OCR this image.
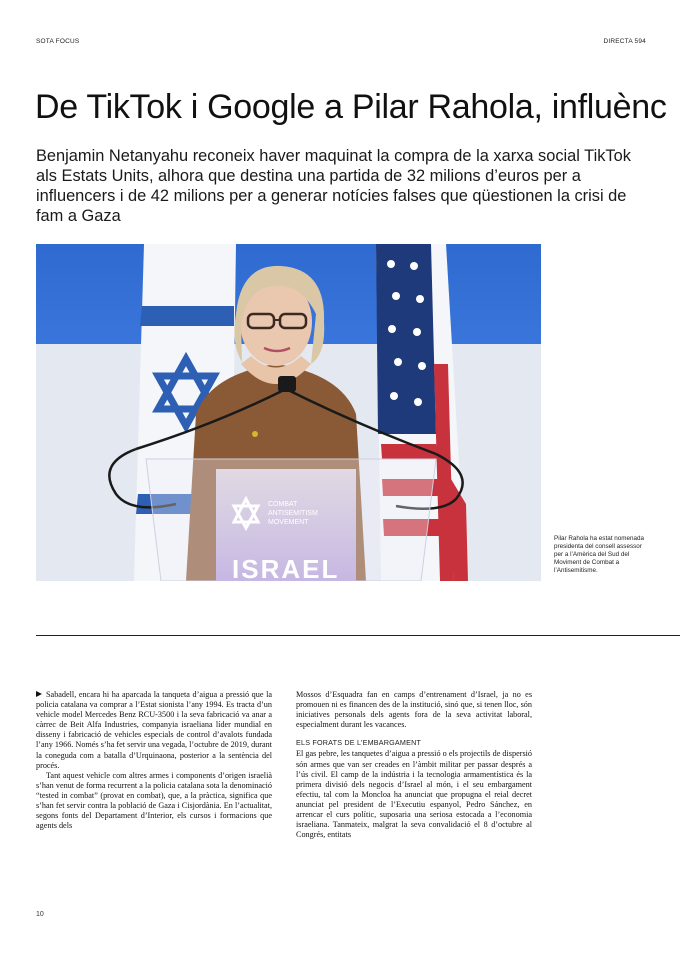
SOTA FOCUS	DIRECTA 594
De TikTok i Google a Pilar Rahola, influènc

Benjamin Netanyahu reconeix haver maquinat la compra de la xarxa social TikTok als Estats Units, alhora que destina una partida de 32 milions d’euros per a influencers i de 42 milions per a generar notícies falses que qüestionen la crisi de fam a Gaza

COMBAT
ANTISEMITISM
MOVEMENT
ISRAEL
Pilar Rahola ha estat nomenada presidenta del consell assessor per a l’Amèrica del Sud del Moviment de Combat a l’Antisemitisme.

Sabadell, encara hi ha aparcada la tanqueta d’aigua a pressió que la policia catalana va comprar a l’Estat sionista l’any 1994. Es tracta d’un vehicle model Mercedes Benz RCU-3500 i la seva fabricació va anar a càrrec de Beit Alfa Industries, companyia israeliana líder mundial en disseny i fabricació de vehicles especials de control d’avalots fundada l’any 1966. Només s’ha fet servir una vegada, l’octubre de 2019, durant la coneguda com a batalla d’Urquinaona, posterior a la sentència del procés.

Tant aquest vehicle com altres armes i components d’origen israelià s’han venut de forma recurrent a la policia catalana sota la denominació “tested in combat” (provat en combat), que, a la pràctica, significa que s’han fet servir contra la població de Gaza i Cisjordània. En l’actualitat, segons fonts del Departament d’Interior, els cursos i formacions que agents dels

Mossos d’Esquadra fan en camps d’entrenament d’Israel, ja no es promouen ni es financen des de la institució, sinó que, si tenen lloc, són iniciatives personals dels agents fora de la seva activitat laboral, especialment durant les vacances.

ELS FORATS DE L’EMBARGAMENT

El gas pebre, les tanquetes d’aigua a pressió o els projectils de dispersió són armes que van ser creades en l’àmbit militar per passar després a l’ús civil. El camp de la indústria i la tecnologia armamentística és la primera divisió dels negocis d’Israel al món, i el seu embargament efectiu, tal com la Moncloa ha anunciat que propugna el reial decret anunciat pel president de l’Executiu espanyol, Pedro Sánchez, en arrencar el curs polític, suposaria una seriosa estocada a l’economia israeliana. Tanmateix, malgrat la seva convalidació el 8 d’octubre al Congrés, entitats

10
